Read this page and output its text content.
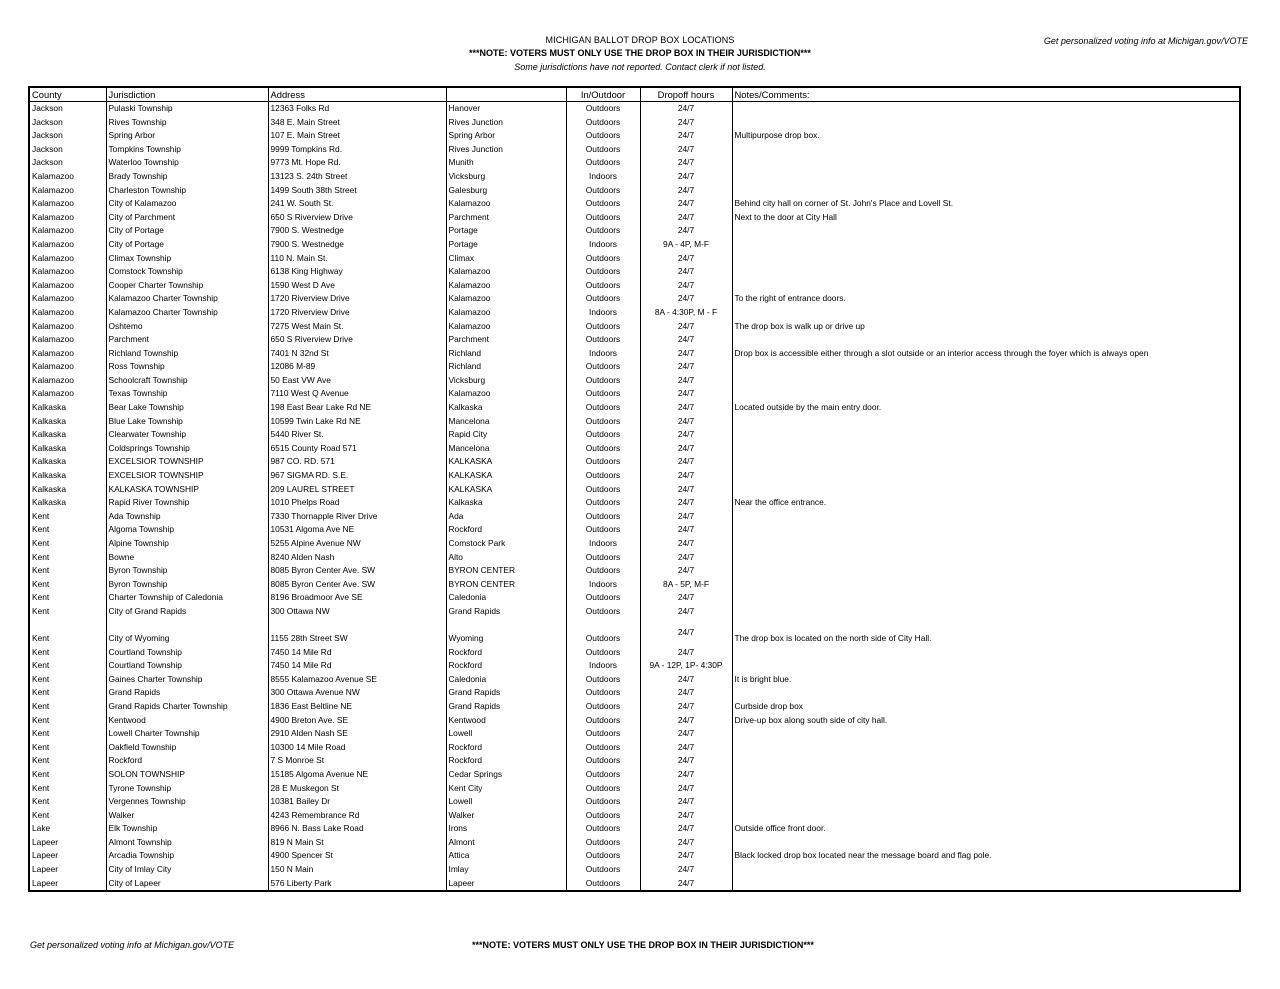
MICHIGAN BALLOT DROP BOX LOCATIONS
***NOTE: VOTERS MUST ONLY USE THE DROP BOX IN THEIR JURISDICTION***
Some jurisdictions have not reported. Contact clerk if not listed.
Get personalized voting info at Michigan.gov/VOTE
County	Jurisdiction	Address		In/Outdoor	Dropoff hours	Notes/Comments:
Jackson	Pulaski Township	12363 Folks Rd	Hanover	Outdoors	24/7	
Jackson	Rives Township	348 E. Main Street	Rives Junction	Outdoors	24/7	
Jackson	Spring Arbor	107 E. Main Street	Spring Arbor	Outdoors	24/7	Multipurpose drop box.
Jackson	Tompkins Township	9999 Tompkins Rd.	Rives Junction	Outdoors	24/7	
Jackson	Waterloo Township	9773 Mt. Hope Rd.	Munith	Outdoors	24/7	
Kalamazoo	Brady Township	13123 S. 24th Street	Vicksburg	Indoors	24/7	
Kalamazoo	Charleston Township	1499 South 38th Street	Galesburg	Outdoors	24/7	
Kalamazoo	City of Kalamazoo	241 W. South St.	Kalamazoo	Outdoors	24/7	Behind city hall on corner of St. John's Place and Lovell St.
Kalamazoo	City of Parchment	650 S Riverview Drive	Parchment	Outdoors	24/7	Next to the door at City Hall
Kalamazoo	City of Portage	7900 S. Westnedge	Portage	Outdoors	24/7	
Kalamazoo	City of Portage	7900 S. Westnedge	Portage	Indoors	9A - 4P, M-F	
Kalamazoo	Climax Township	110 N. Main St.	Climax	Outdoors	24/7	
Kalamazoo	Comstock Township	6138 King Highway	Kalamazoo	Outdoors	24/7	
Kalamazoo	Cooper Charter Township	1590 West D Ave	Kalamazoo	Outdoors	24/7	
Kalamazoo	Kalamazoo Charter Township	1720 Riverview Drive	Kalamazoo	Outdoors	24/7	To the right of entrance doors.
Kalamazoo	Kalamazoo Charter Township	1720 Riverview Drive	Kalamazoo	Indoors	8A - 4:30P, M - F	
Kalamazoo	Oshtemo	7275 West Main St.	Kalamazoo	Outdoors	24/7	The drop box is walk up or drive up
Kalamazoo	Parchment	650 S Riverview Drive	Parchment	Outdoors	24/7	
Kalamazoo	Richland Township	7401 N 32nd St	Richland	Indoors	24/7	Drop box is accessible either through a slot outside or an interior access through the foyer which is always open
Kalamazoo	Ross Township	12086 M-89	Richland	Outdoors	24/7	
Kalamazoo	Schoolcraft Township	50 East VW Ave	Vicksburg	Outdoors	24/7	
Kalamazoo	Texas Township	7110 West Q Avenue	Kalamazoo	Outdoors	24/7	
Kalkaska	Bear Lake Township	198 East Bear Lake Rd NE	Kalkaska	Outdoors	24/7	Located outside by the main entry door.
Kalkaska	Blue Lake Township	10599 Twin Lake Rd NE	Mancelona	Outdoors	24/7	
Kalkaska	Clearwater Township	5440 River St.	Rapid City	Outdoors	24/7	
Kalkaska	Coldsprings Township	6515 County Road 571	Mancelona	Outdoors	24/7	
Kalkaska	EXCELSIOR TOWNSHIP	987 CO. RD. 571	KALKASKA	Outdoors	24/7	
Kalkaska	EXCELSIOR TOWNSHIP	967 SIGMA RD. S.E.	KALKASKA	Outdoors	24/7	
Kalkaska	KALKASKA TOWNSHIP	209 LAUREL STREET	KALKASKA	Outdoors	24/7	
Kalkaska	Rapid River Township	1010 Phelps Road	Kalkaska	Outdoors	24/7	Near the office entrance.
Kent	Ada Township	7330 Thornapple River Drive	Ada	Outdoors	24/7	
Kent	Algoma Township	10531 Algoma Ave NE	Rockford	Outdoors	24/7	
Kent	Alpine Township	5255 Alpine Avenue NW	Comstock Park	Indoors	24/7	
Kent	Bowne	8240 Alden Nash	Alto	Outdoors	24/7	
Kent	Byron Township	8085 Byron Center Ave. SW	BYRON CENTER	Outdoors	24/7	
Kent	Byron Township	8085 Byron Center Ave. SW	BYRON CENTER	Indoors	8A - 5P, M-F	
Kent	Charter Township of Caledonia	8196 Broadmoor Ave SE	Caledonia	Outdoors	24/7	
Kent	City of Grand Rapids	300 Ottawa NW	Grand Rapids	Outdoors	24/7	
Kent	City of Wyoming	1155 28th Street SW	Wyoming	Outdoors	24/7	The drop box is located on the north side of City Hall.
Kent	Courtland Township	7450 14 Mile Rd	Rockford	Outdoors	24/7	
Kent	Courtland Township	7450 14 Mile Rd	Rockford	Indoors	9A - 12P, 1P- 4:30P	
Kent	Gaines Charter Township	8555 Kalamazoo Avenue SE	Caledonia	Outdoors	24/7	It is bright blue.
Kent	Grand Rapids	300 Ottawa Avenue NW	Grand Rapids	Outdoors	24/7	
Kent	Grand Rapids Charter Township	1836 East Beltline NE	Grand Rapids	Outdoors	24/7	Curbside drop box
Kent	Kentwood	4900 Breton Ave. SE	Kentwood	Outdoors	24/7	Drive-up box along south side of city hall.
Kent	Lowell Charter Township	2910 Alden Nash SE	Lowell	Outdoors	24/7	
Kent	Oakfield Township	10300 14 Mile Road	Rockford	Outdoors	24/7	
Kent	Rockford	7 S Monroe St	Rockford	Outdoors	24/7	
Kent	SOLON TOWNSHIP	15185 Algoma Avenue NE	Cedar Springs	Outdoors	24/7	
Kent	Tyrone Township	28 E Muskegon St	Kent City	Outdoors	24/7	
Kent	Vergennes Township	10381 Bailey Dr	Lowell	Outdoors	24/7	
Kent	Walker	4243 Remembrance Rd	Walker	Outdoors	24/7	
Lake	Elk Township	8966 N. Bass Lake Road	Irons	Outdoors	24/7	Outside office front door.
Lapeer	Almont Township	819 N Main St	Almont	Outdoors	24/7	
Lapeer	Arcadia Township	4900 Spencer St	Attica	Outdoors	24/7	Black locked drop box located near the message board and flag pole.
Lapeer	City of Imlay City	150 N Main	Imlay	Outdoors	24/7	
Lapeer	City of Lapeer	576 Liberty Park	Lapeer	Outdoors	24/7	
Get personalized voting info at Michigan.gov/VOTE	***NOTE: VOTERS MUST ONLY USE THE DROP BOX IN THEIR JURISDICTION***
